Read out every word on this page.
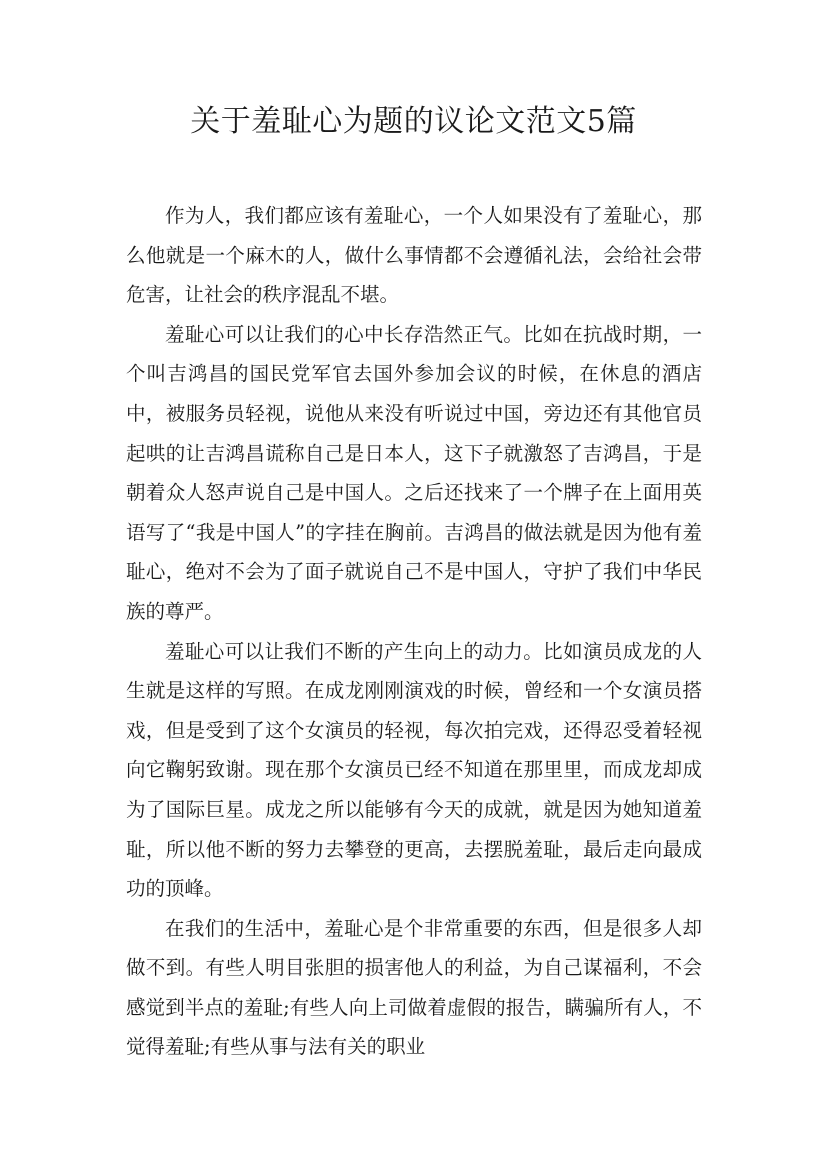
关于羞耻心为题的议论文范文5篇

作为人，我们都应该有羞耻心，一个人如果没有了羞耻心，那么他就是一个麻木的人，做什么事情都不会遵循礼法，会给社会带危害，让社会的秩序混乱不堪。

羞耻心可以让我们的心中长存浩然正气。比如在抗战时期，一个叫吉鸿昌的国民党军官去国外参加会议的时候，在休息的酒店中，被服务员轻视，说他从来没有听说过中国，旁边还有其他官员起哄的让吉鸿昌谎称自己是日本人，这下子就激怒了吉鸿昌，于是朝着众人怒声说自己是中国人。之后还找来了一个牌子在上面用英语写了“我是中国人”的字挂在胸前。吉鸿昌的做法就是因为他有羞耻心，绝对不会为了面子就说自己不是中国人，守护了我们中华民族的尊严。

羞耻心可以让我们不断的产生向上的动力。比如演员成龙的人生就是这样的写照。在成龙刚刚演戏的时候，曾经和一个女演员搭戏，但是受到了这个女演员的轻视，每次拍完戏，还得忍受着轻视向它鞠躬致谢。现在那个女演员已经不知道在那里里，而成龙却成为了国际巨星。成龙之所以能够有今天的成就，就是因为她知道羞耻，所以他不断的努力去攀登的更高，去摆脱羞耻，最后走向最成功的顶峰。

在我们的生活中，羞耻心是个非常重要的东西，但是很多人却做不到。有些人明目张胆的损害他人的利益，为自己谋福利，不会感觉到半点的羞耻;有些人向上司做着虚假的报告，瞒骗所有人，不觉得羞耻;有些从事与法有关的职业
